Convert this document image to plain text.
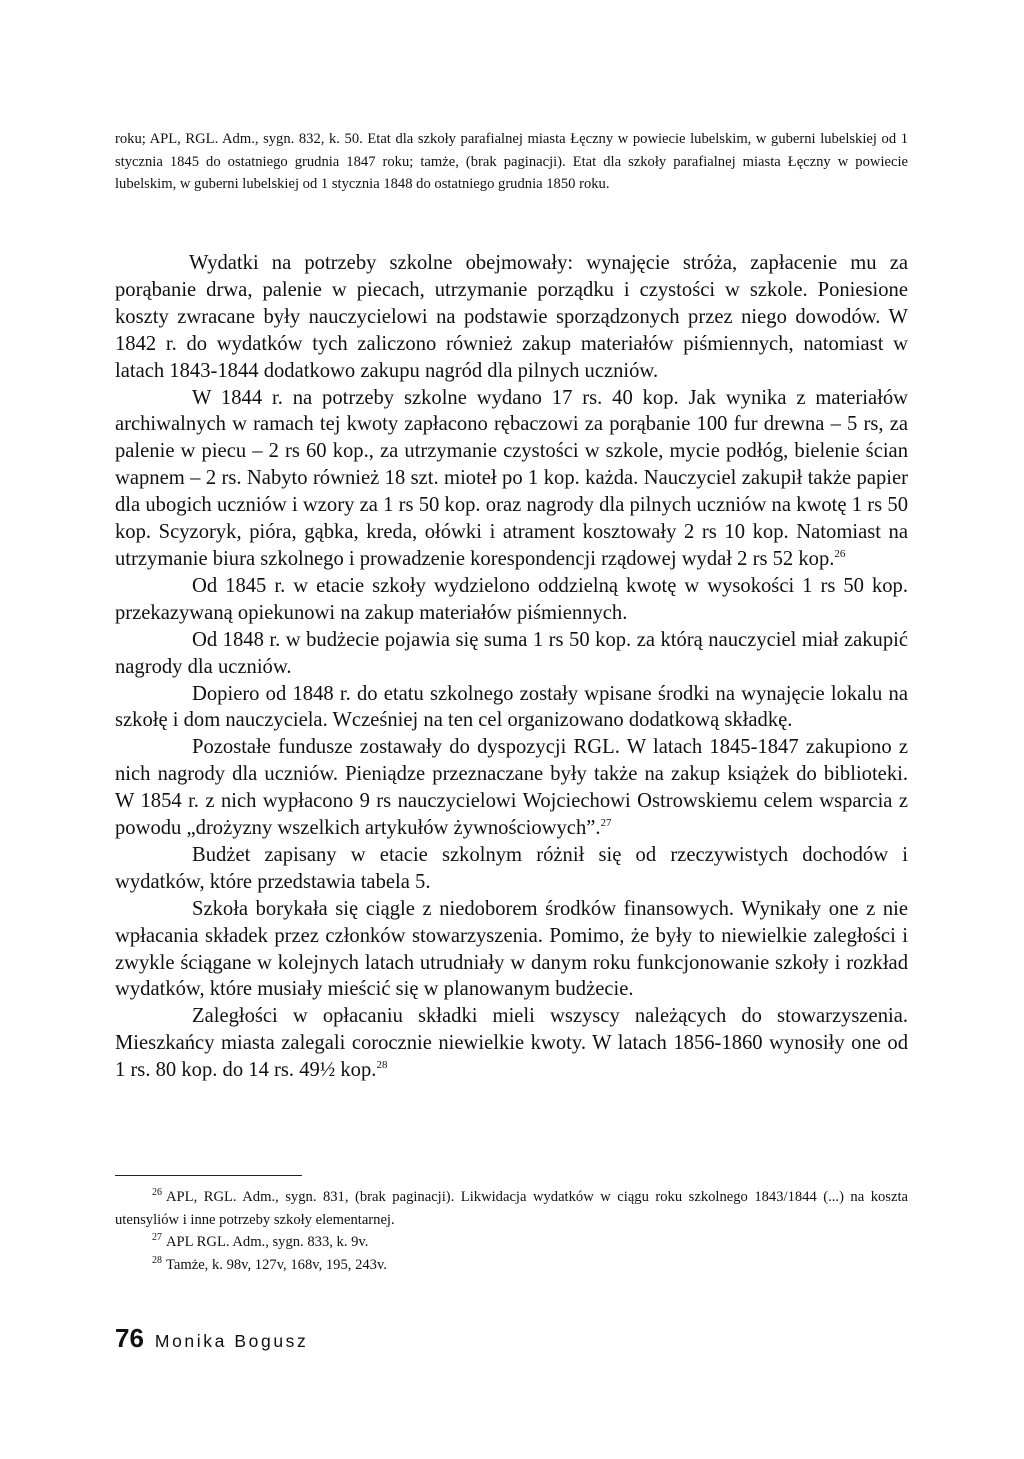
roku; APL, RGL. Adm., sygn. 832, k. 50. Etat dla szkoły parafialnej miasta Łęczny w powiecie lubelskim, w guberni lubelskiej od 1 stycznia 1845 do ostatniego grudnia 1847 roku; tamże, (brak paginacji). Etat dla szkoły parafialnej miasta Łęczny w powiecie lubelskim, w guberni lubelskiej od 1 stycznia 1848 do ostatniego grudnia 1850 roku.

Wydatki na potrzeby szkolne obejmowały: wynajęcie stróża, zapłacenie mu za porąbanie drwa, palenie w piecach, utrzymanie porządku i czystości w szkole. Poniesione koszty zwracane były nauczycielowi na podstawie sporządzonych przez niego dowodów. W 1842 r. do wydatków tych zaliczono również zakup materiałów piśmiennych, natomiast w latach 1843-1844 dodatkowo zakupu nagród dla pilnych uczniów.

W 1844 r. na potrzeby szkolne wydano 17 rs. 40 kop. Jak wynika z materiałów archiwalnych w ramach tej kwoty zapłacono rębaczowi za porąbanie 100 fur drewna – 5 rs, za palenie w piecu – 2 rs 60 kop., za utrzymanie czystości w szkole, mycie podłóg, bielenie ścian wapnem – 2 rs. Nabyto również 18 szt. mioteł po 1 kop. każda. Nauczyciel zakupił także papier dla ubogich uczniów i wzory za 1 rs 50 kop. oraz nagrody dla pilnych uczniów na kwotę 1 rs 50 kop. Scyzoryk, pióra, gąbka, kreda, ołówki i atrament kosztowały 2 rs 10 kop. Natomiast na utrzymanie biura szkolnego i prowadzenie korespondencji rządowej wydał 2 rs 52 kop.$^{26}$

Od 1845 r. w etacie szkoły wydzielono oddzielną kwotę w wysokości 1 rs 50 kop. przekazywaną opiekunowi na zakup materiałów piśmiennych.

Od 1848 r. w budżecie pojawia się suma 1 rs 50 kop. za którą nauczyciel miał zakupić nagrody dla uczniów.

Dopiero od 1848 r. do etatu szkolnego zostały wpisane środki na wynajęcie lokalu na szkołę i dom nauczyciela. Wcześniej na ten cel organizowano dodatkową składkę.

Pozostałe fundusze zostawały do dyspozycji RGL. W latach 1845-1847 zakupiono z nich nagrody dla uczniów. Pieniądze przeznaczane były także na zakup książek do biblioteki. W 1854 r. z nich wypłacono 9 rs nauczycielowi Wojciechowi Ostrowskiemu celem wsparcia z powodu „drożyzny wszelkich artykułów żywnościowych”.$^{27}$

Budżet zapisany w etacie szkolnym różnił się od rzeczywistych dochodów i wydatków, które przedstawia tabela 5.

Szkoła borykała się ciągle z niedoborem środków finansowych. Wynikały one z nie wpłacania składek przez członków stowarzyszenia. Pomimo, że były to niewielkie zaległości i zwykle ściągane w kolejnych latach utrudniały w danym roku funkcjonowanie szkoły i rozkład wydatków, które musiały mieścić się w planowanym budżecie.

Zaległości w opłacaniu składki mieli wszyscy należących do stowarzyszenia. Mieszkańcy miasta zalegali corocznie niewielkie kwoty. W latach 1856-1860 wynosiły one od 1 rs. 80 kop. do 14 rs. 49½ kop.$^{28}$

$^{26}$ APL, RGL. Adm., sygn. 831, (brak paginacji). Likwidacja wydatków w ciągu roku szkolnego 1843/1844 (...) na koszta utensyliów i inne potrzeby szkoły elementarnej.

$^{27}$ APL RGL. Adm., sygn. 833, k. 9v.

$^{28}$ Tamże, k. 98v, 127v, 168v, 195, 243v.

76 Monika Bogusz
